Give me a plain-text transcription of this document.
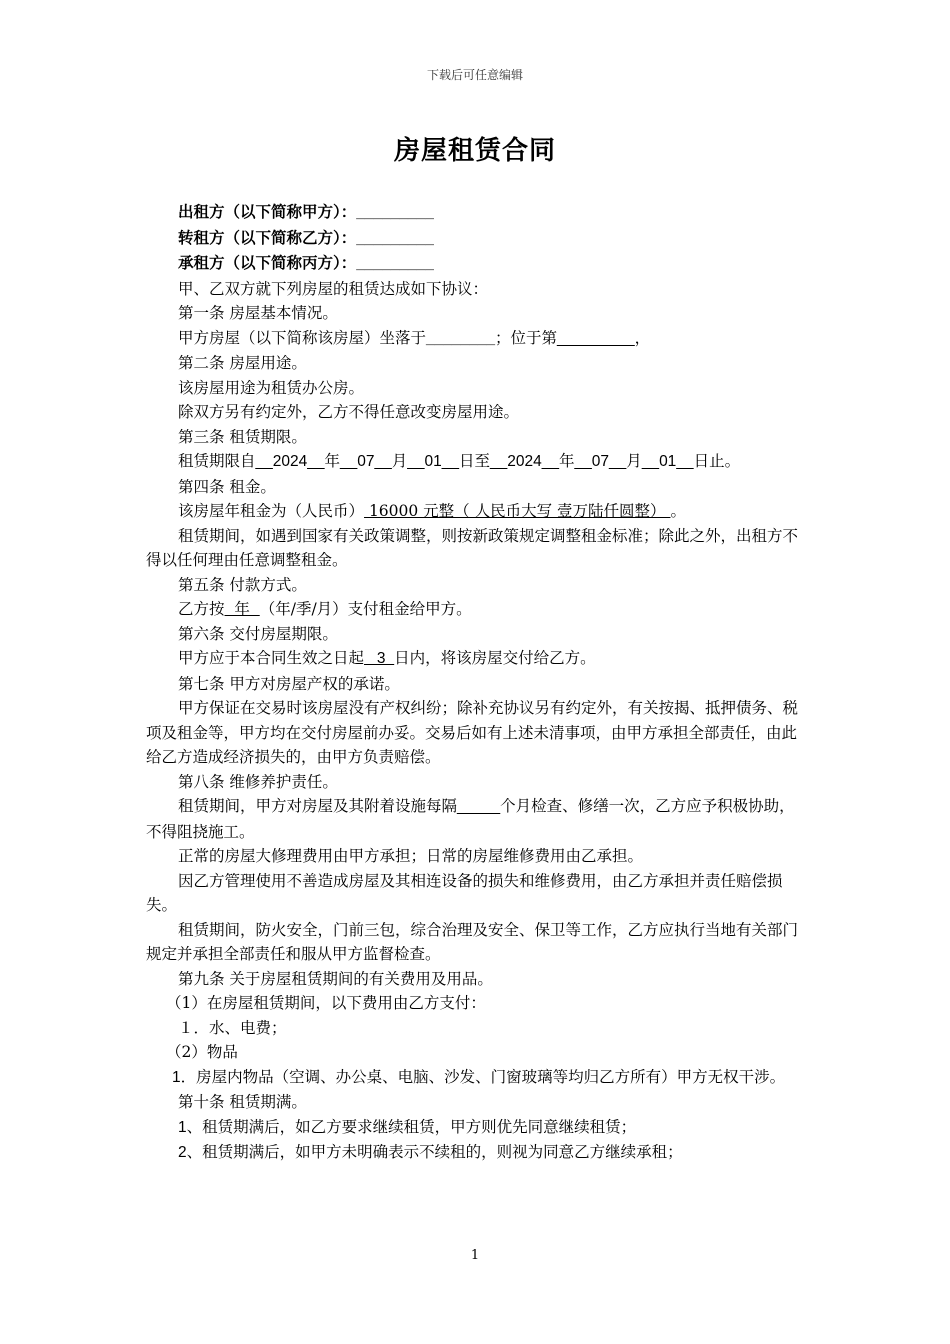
下载后可任意编辑
房屋租赁合同
出租方（以下简称甲方）：_________
转租方（以下简称乙方）：_________
承租方（以下简称丙方）：_________
甲、乙双方就下列房屋的租赁达成如下协议：
第一条 房屋基本情况。
甲方房屋（以下简称该房屋）坐落于________；位于第_________，
第二条 房屋用途。
该房屋用途为租赁办公房。
除双方另有约定外，乙方不得任意改变房屋用途。
第三条 租赁期限。
租赁期限自__2024__年__07__月__01__日至__2024__年__07__月__01__日止。
第四条 租金。
该房屋年租金为（人民币） 16000 元整（ 人民币大写 壹万陆仟圆整） 。
租赁期间，如遇到国家有关政策调整，则按新政策规定调整租金标准；除此之外，出租方不得以任何理由任意调整租金。
第五条 付款方式。
乙方按  年  （年/季/月）支付租金给甲方。
第六条 交付房屋期限。
甲方应于本合同生效之日起   3  日内，将该房屋交付给乙方。
第七条 甲方对房屋产权的承诺。
甲方保证在交易时该房屋没有产权纠纷；除补充协议另有约定外，有关按揭、抵押债务、税项及租金等，甲方均在交付房屋前办妥。交易后如有上述未清事项，由甲方承担全部责任，由此给乙方造成经济损失的，由甲方负责赔偿。
第八条 维修养护责任。
租赁期间，甲方对房屋及其附着设施每隔_____个月检查、修缮一次，乙方应予积极协助，不得阻挠施工。
正常的房屋大修理费用由甲方承担；日常的房屋维修费用由乙承担。
因乙方管理使用不善造成房屋及其相连设备的损失和维修费用，由乙方承担并责任赔偿损失。
租赁期间，防火安全，门前三包，综合治理及安全、保卫等工作，乙方应执行当地有关部门规定并承担全部责任和服从甲方监督检查。
第九条 关于房屋租赁期间的有关费用及用品。
（1）在房屋租赁期间，以下费用由乙方支付：
１．水、电费；
（2）物品
1．房屋内物品（空调、办公桌、电脑、沙发、门窗玻璃等均归乙方所有）甲方无权干涉。
第十条 租赁期满。
1、租赁期满后，如乙方要求继续租赁，甲方则优先同意继续租赁；
2、租赁期满后，如甲方未明确表示不续租的，则视为同意乙方继续承租；
1
